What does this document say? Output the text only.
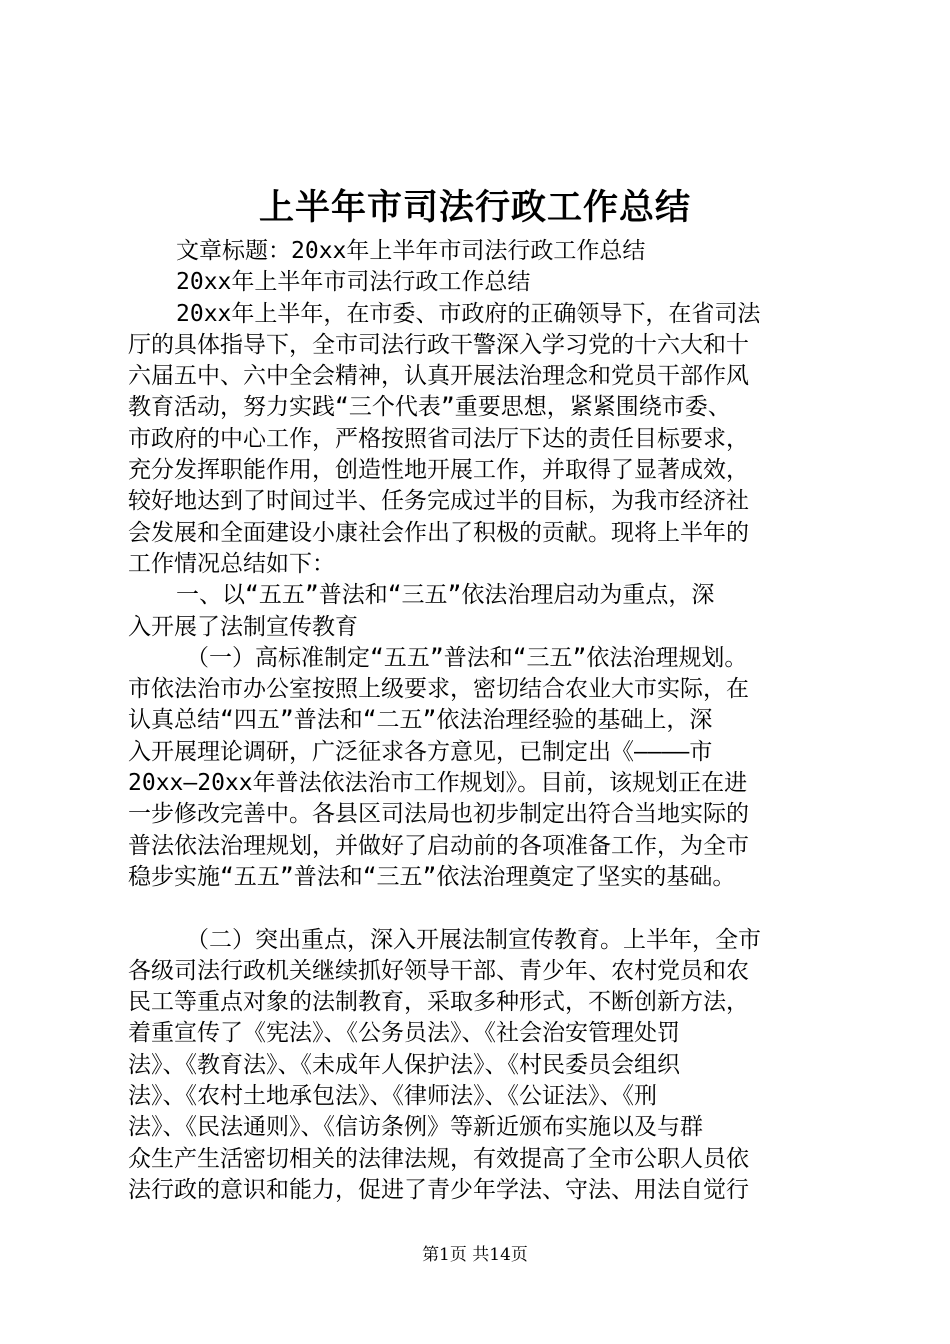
上半年市司法行政工作总结
文章标题：20xx年上半年市司法行政工作总结
20xx年上半年市司法行政工作总结
20xx年上半年，在市委、市政府的正确领导下，在省司法
厅的具体指导下，全市司法行政干警深入学习党的十六大和十
六届五中、六中全会精神，认真开展法治理念和党员干部作风
教育活动，努力实践“三个代表”重要思想，紧紧围绕市委、
市政府的中心工作，严格按照省司法厅下达的责任目标要求，
充分发挥职能作用，创造性地开展工作，并取得了显著成效，
较好地达到了时间过半、任务完成过半的目标，为我市经济社
会发展和全面建设小康社会作出了积极的贡献。现将上半年的
工作情况总结如下：
一、以“五五”普法和“三五”依法治理启动为重点，深
入开展了法制宣传教育
（一）高标准制定“五五”普法和“三五”依法治理规划。
市依法治市办公室按照上级要求，密切结合农业大市实际，在
认真总结“四五”普法和“二五”依法治理经验的基础上，深
入开展理论调研，广泛征求各方意见，已制定出《————市
20xx—20xx年普法依法治市工作规划》。目前，该规划正在进
一步修改完善中。各县区司法局也初步制定出符合当地实际的
普法依法治理规划，并做好了启动前的各项准备工作，为全市
稳步实施“五五”普法和“三五”依法治理奠定了坚实的基础。
（二）突出重点，深入开展法制宣传教育。上半年，全市
各级司法行政机关继续抓好领导干部、青少年、农村党员和农
民工等重点对象的法制教育，采取多种形式，不断创新方法，
着重宣传了《宪法》、《公务员法》、《社会治安管理处罚
法》、《教育法》、《未成年人保护法》、《村民委员会组织
法》、《农村土地承包法》、《律师法》、《公证法》、《刑
法》、《民法通则》、《信访条例》等新近颁布实施以及与群
众生产生活密切相关的法律法规，有效提高了全市公职人员依
法行政的意识和能力，促进了青少年学法、守法、用法自觉行
第1页 共14页
